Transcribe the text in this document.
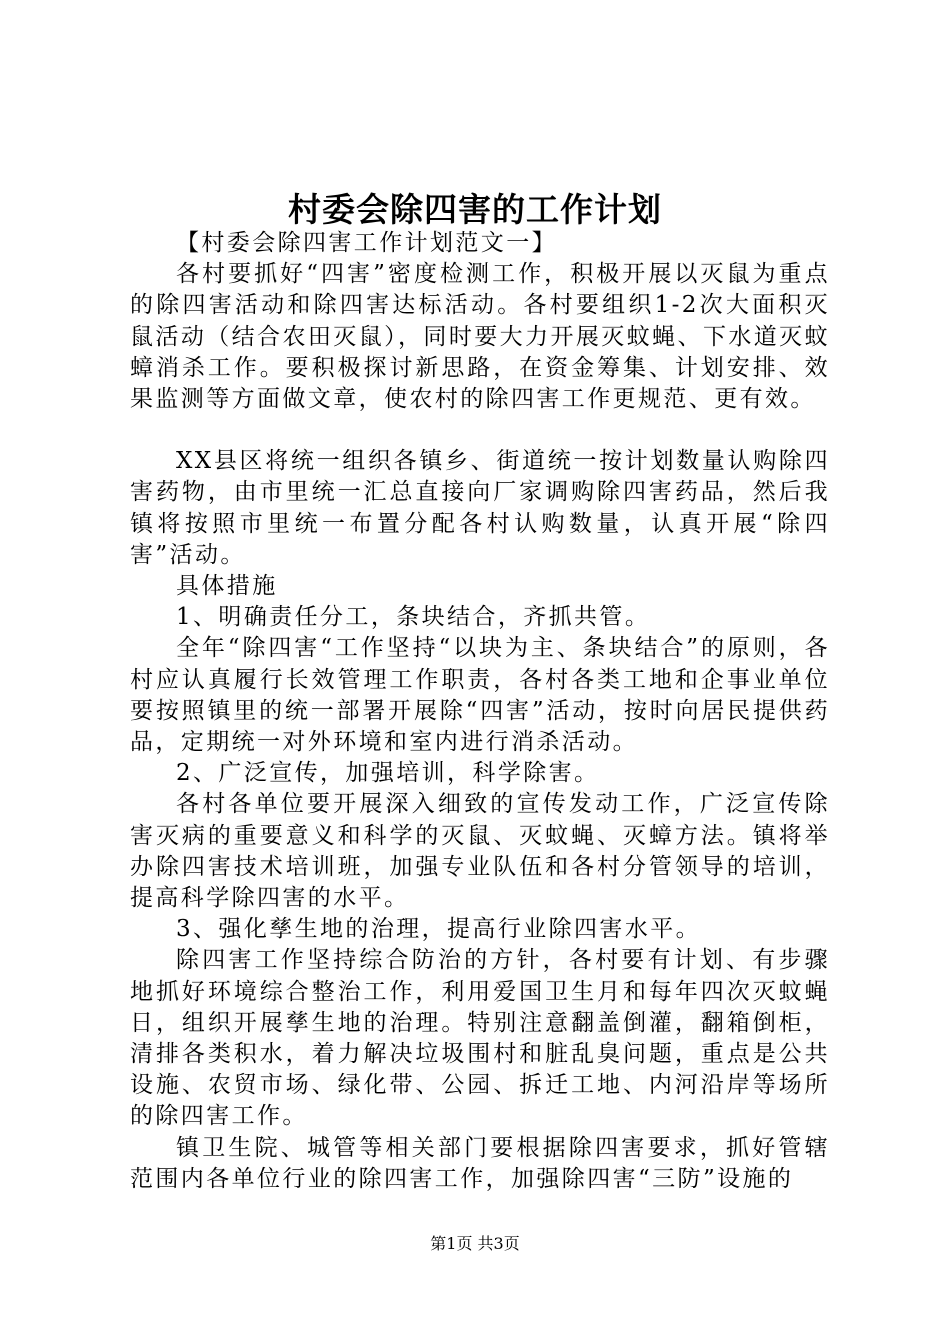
村委会除四害的工作计划

【村委会除四害工作计划范文一】

各村要抓好“四害”密度检测工作，积极开展以灭鼠为重点的除四害活动和除四害达标活动。各村要组织1-2次大面积灭鼠活动（结合农田灭鼠），同时要大力开展灭蚊蝇、下水道灭蚊蟑消杀工作。要积极探讨新思路，在资金筹集、计划安排、效果监测等方面做文章，使农村的除四害工作更规范、更有效。

XX县区将统一组织各镇乡、街道统一按计划数量认购除四害药物，由市里统一汇总直接向厂家调购除四害药品，然后我镇将按照市里统一布置分配各村认购数量，认真开展“除四害”活动。

具体措施

1、明确责任分工，条块结合，齐抓共管。

全年“除四害“工作坚持“以块为主、条块结合”的原则，各村应认真履行长效管理工作职责，各村各类工地和企事业单位要按照镇里的统一部署开展除“四害”活动，按时向居民提供药品，定期统一对外环境和室内进行消杀活动。

2、广泛宣传，加强培训，科学除害。

各村各单位要开展深入细致的宣传发动工作，广泛宣传除害灭病的重要意义和科学的灭鼠、灭蚊蝇、灭蟑方法。镇将举办除四害技术培训班，加强专业队伍和各村分管领导的培训，提高科学除四害的水平。

3、强化孳生地的治理，提高行业除四害水平。

除四害工作坚持综合防治的方针，各村要有计划、有步骤地抓好环境综合整治工作，利用爱国卫生月和每年四次灭蚊蝇日，组织开展孳生地的治理。特别注意翻盖倒灌，翻箱倒柜，清排各类积水，着力解决垃圾围村和脏乱臭问题，重点是公共设施、农贸市场、绿化带、公园、拆迁工地、内河沿岸等场所的除四害工作。

镇卫生院、城管等相关部门要根据除四害要求，抓好管辖范围内各单位行业的除四害工作，加强除四害“三防”设施的

第1页 共3页
